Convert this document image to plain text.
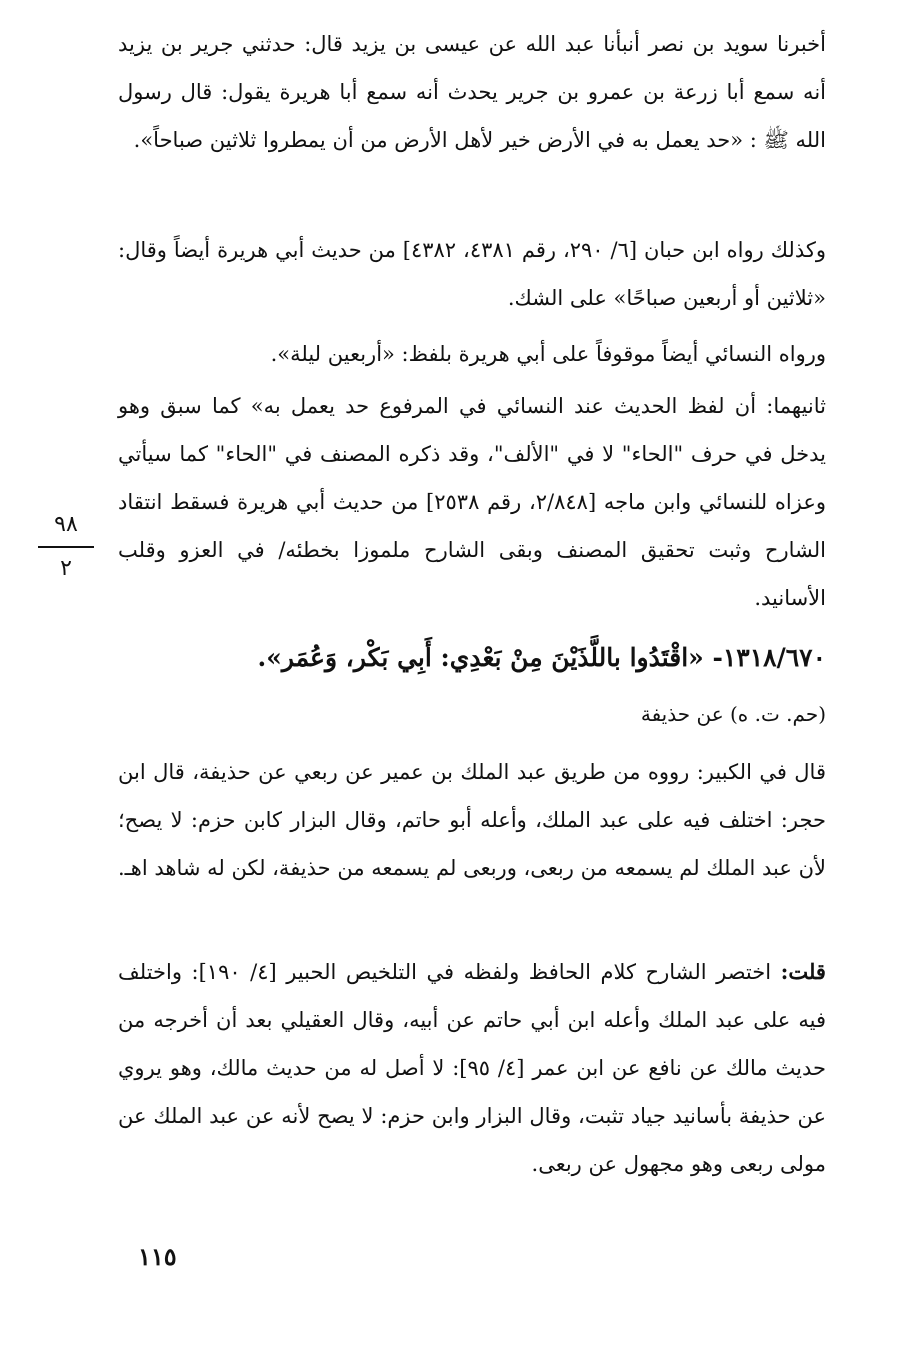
أخبرنا سويد بن نصر أنبأنا عبد الله عن عيسى بن يزيد قال: حدثني جرير بن يزيد أنه سمع أبا زرعة بن عمرو بن جرير يحدث أنه سمع أبا هريرة يقول: قال رسول الله ﷺ : «حد يعمل به في الأرض خير لأهل الأرض من أن يمطروا ثلاثين صباحاً».

وكذلك رواه ابن حبان [٦/ ٢٩٠، رقم ٤٣٨١، ٤٣٨٢] من حديث أبي هريرة أيضاً وقال: «ثلاثين أو أربعين صباحًا» على الشك.

ورواه النسائي أيضاً موقوفاً على أبي هريرة بلفظ: «أربعين ليلة».

ثانيهما: أن لفظ الحديث عند النسائي في المرفوع حد يعمل به» كما سبق وهو يدخل في حرف "الحاء" لا في "الألف"، وقد ذكره المصنف في "الحاء" كما سيأتي وعزاه للنسائي وابن ماجه [٢/٨٤٨، رقم ٢٥٣٨] من حديث أبي هريرة فسقط انتقاد الشارح وثبت تحقيق المصنف وبقى الشارح ملموزا بخطئه/ في العزو وقلب الأسانيد.

٩٨
٢
١٣١٨/٦٧٠- «اقْتَدُوا باللَّذَيْنَ مِنْ بَعْدِي: أَبِي بَكْر، وَعُمَر».
(حم. ت. ه) عن حذيفة

قال في الكبير: رووه من طريق عبد الملك بن عمير عن ربعي عن حذيفة، قال ابن حجر: اختلف فيه على عبد الملك، وأعله أبو حاتم، وقال البزار كابن حزم: لا يصح؛ لأن عبد الملك لم يسمعه من ربعى، وربعى لم يسمعه من حذيفة، لكن له شاهد اهـ.

قلت: اختصر الشارح كلام الحافظ ولفظه في التلخيص الحبير [٤/ ١٩٠]: واختلف فيه على عبد الملك وأعله ابن أبي حاتم عن أبيه، وقال العقيلي بعد أن أخرجه من حديث مالك عن نافع عن ابن عمر [٤/ ٩٥]: لا أصل له من حديث مالك، وهو يروي عن حذيفة بأسانيد جياد تثبت، وقال البزار وابن حزم: لا يصح لأنه عن عبد الملك عن مولى ربعى وهو مجهول عن ربعى.

١١٥
